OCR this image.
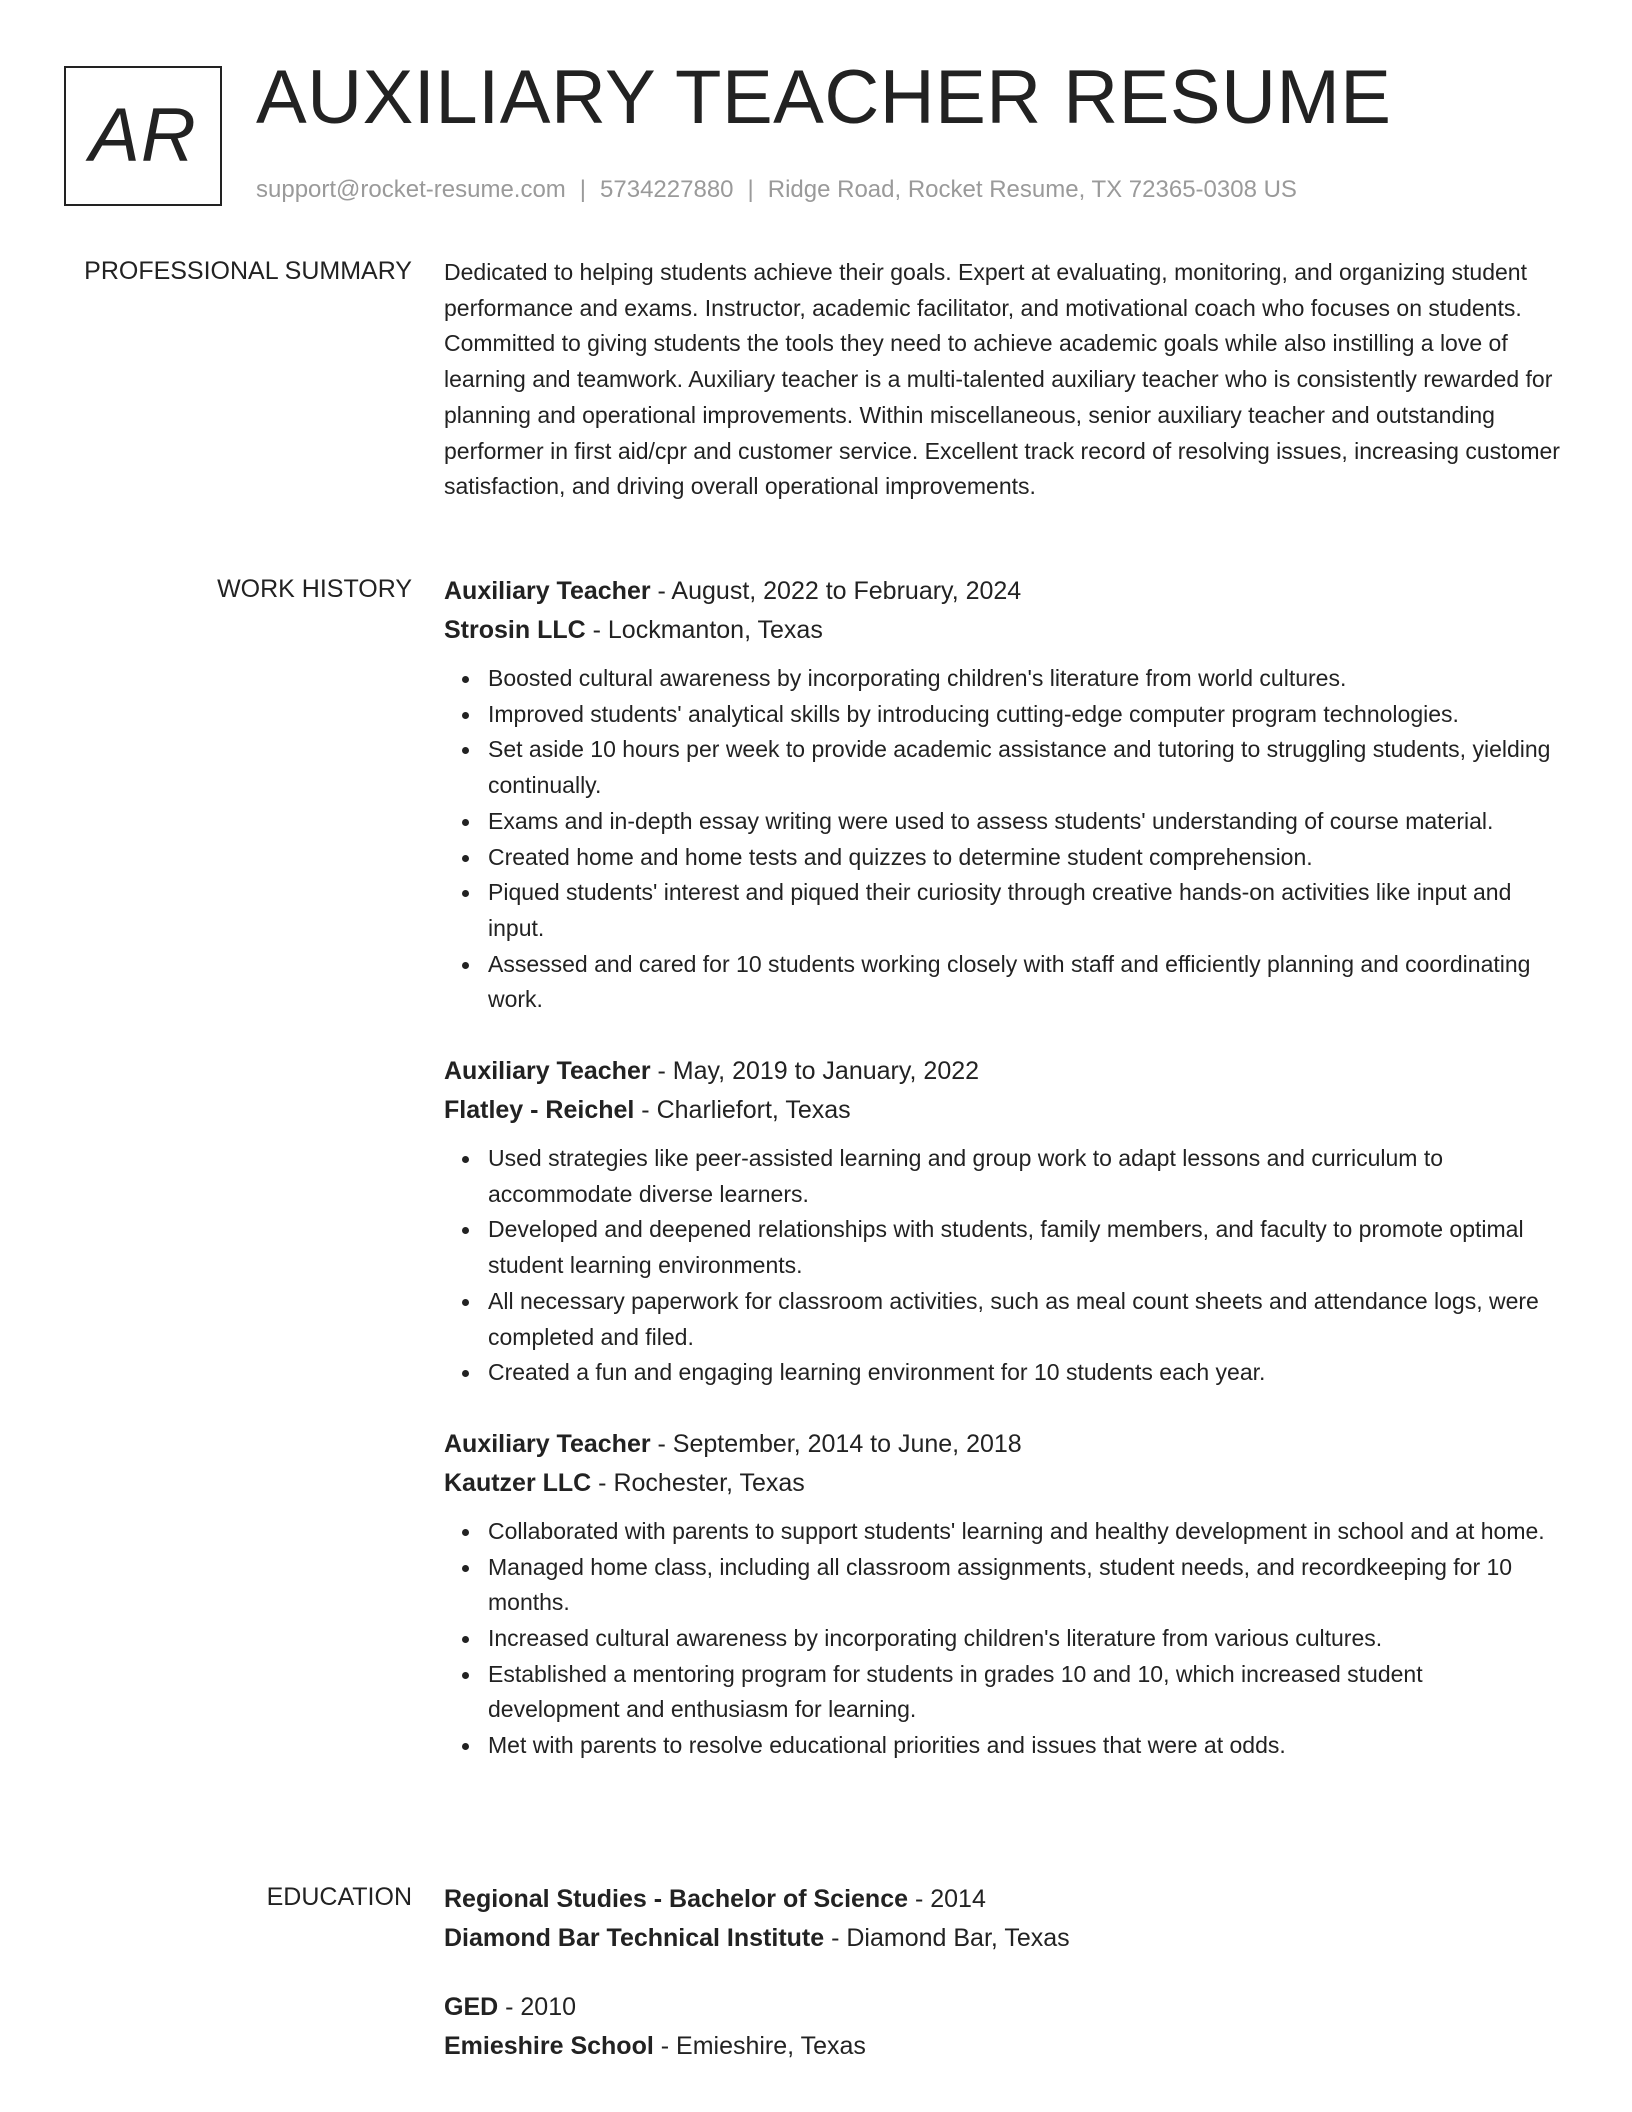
AR AUXILIARY TEACHER RESUME
support@rocket-resume.com | 5734227880 | Ridge Road, Rocket Resume, TX 72365-0308 US
PROFESSIONAL SUMMARY Dedicated to helping students achieve their goals. Expert at evaluating, monitoring, and organizing student performance and exams. Instructor, academic facilitator, and motivational coach who focuses on students. Committed to giving students the tools they need to achieve academic goals while also instilling a love of learning and teamwork. Auxiliary teacher is a multi-talented auxiliary teacher who is consistently rewarded for planning and operational improvements. Within miscellaneous, senior auxiliary teacher and outstanding performer in first aid/cpr and customer service. Excellent track record of resolving issues, increasing customer satisfaction, and driving overall operational improvements.

WORK HISTORY Auxiliary Teacher - August, 2022 to February, 2024
Strosin LLC - Lockmanton, Texas
Boosted cultural awareness by incorporating children's literature from world cultures.
Improved students' analytical skills by introducing cutting-edge computer program technologies.
Set aside 10 hours per week to provide academic assistance and tutoring to struggling students, yielding continually.
Exams and in-depth essay writing were used to assess students' understanding of course material.
Created home and home tests and quizzes to determine student comprehension.
Piqued students' interest and piqued their curiosity through creative hands-on activities like input and input.
Assessed and cared for 10 students working closely with staff and efficiently planning and coordinating work.
Auxiliary Teacher - May, 2019 to January, 2022
Flatley - Reichel - Charliefort, Texas
Used strategies like peer-assisted learning and group work to adapt lessons and curriculum to accommodate diverse learners.
Developed and deepened relationships with students, family members, and faculty to promote optimal student learning environments.
All necessary paperwork for classroom activities, such as meal count sheets and attendance logs, were completed and filed.
Created a fun and engaging learning environment for 10 students each year.
Auxiliary Teacher - September, 2014 to June, 2018
Kautzer LLC - Rochester, Texas
Collaborated with parents to support students' learning and healthy development in school and at home.
Managed home class, including all classroom assignments, student needs, and recordkeeping for 10 months.
Increased cultural awareness by incorporating children's literature from various cultures.
Established a mentoring program for students in grades 10 and 10, which increased student development and enthusiasm for learning.
Met with parents to resolve educational priorities and issues that were at odds.
EDUCATION Regional Studies - Bachelor of Science - 2014
Diamond Bar Technical Institute - Diamond Bar, Texas
GED - 2010
Emieshire School - Emieshire, Texas
